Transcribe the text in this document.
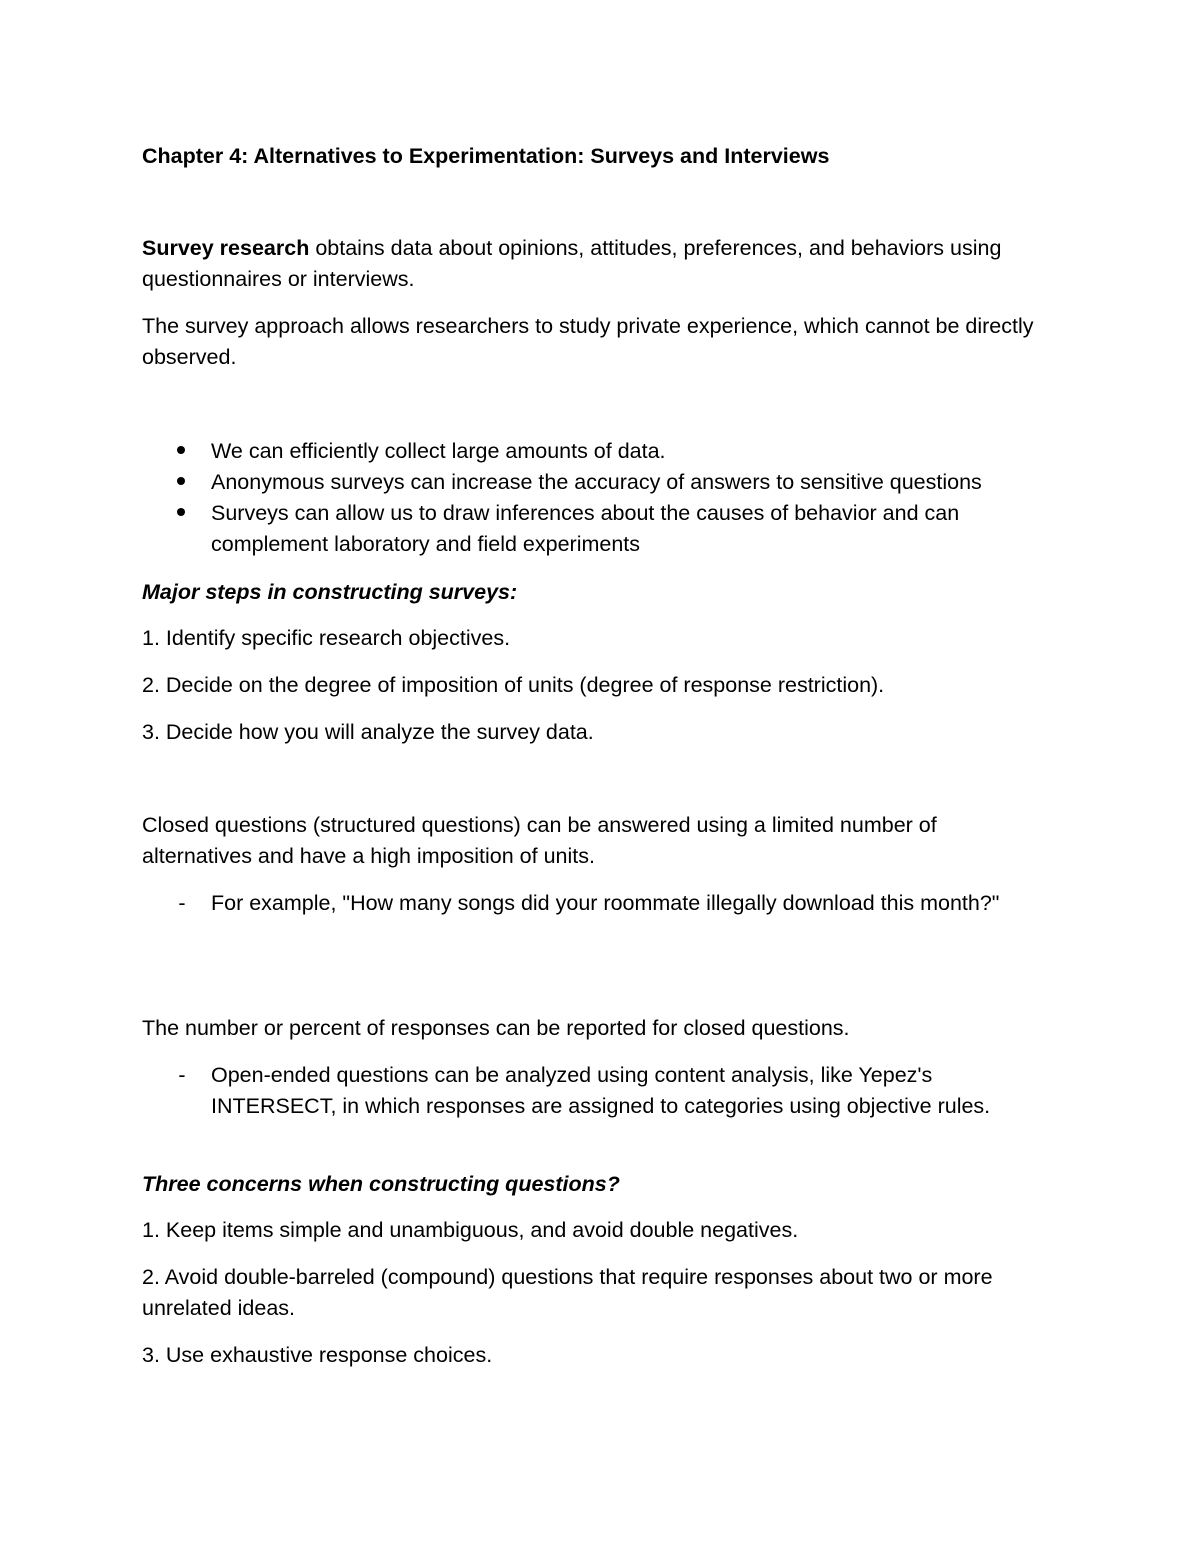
Chapter 4: Alternatives to Experimentation: Surveys and Interviews

Survey research obtains data about opinions, attitudes, preferences, and behaviors using questionnaires or interviews.

The survey approach allows researchers to study private experience, which cannot be directly observed.

We can efficiently collect large amounts of data.
Anonymous surveys can increase the accuracy of answers to sensitive questions
Surveys can allow us to draw inferences about the causes of behavior and can complement laboratory and field experiments
Major steps in constructing surveys:
1. Identify specific research objectives.
2. Decide on the degree of imposition of units (degree of response restriction).
3. Decide how you will analyze the survey data.

Closed questions (structured questions) can be answered using a limited number of alternatives and have a high imposition of units.

- For example, "How many songs did your roommate illegally download this month?"

The number or percent of responses can be reported for closed questions.

- Open-ended questions can be analyzed using content analysis, like Yepez's INTERSECT, in which responses are assigned to categories using objective rules.
Three concerns when constructing questions?
1. Keep items simple and unambiguous, and avoid double negatives.
2. Avoid double-barreled (compound) questions that require responses about two or more unrelated ideas.
3. Use exhaustive response choices.
